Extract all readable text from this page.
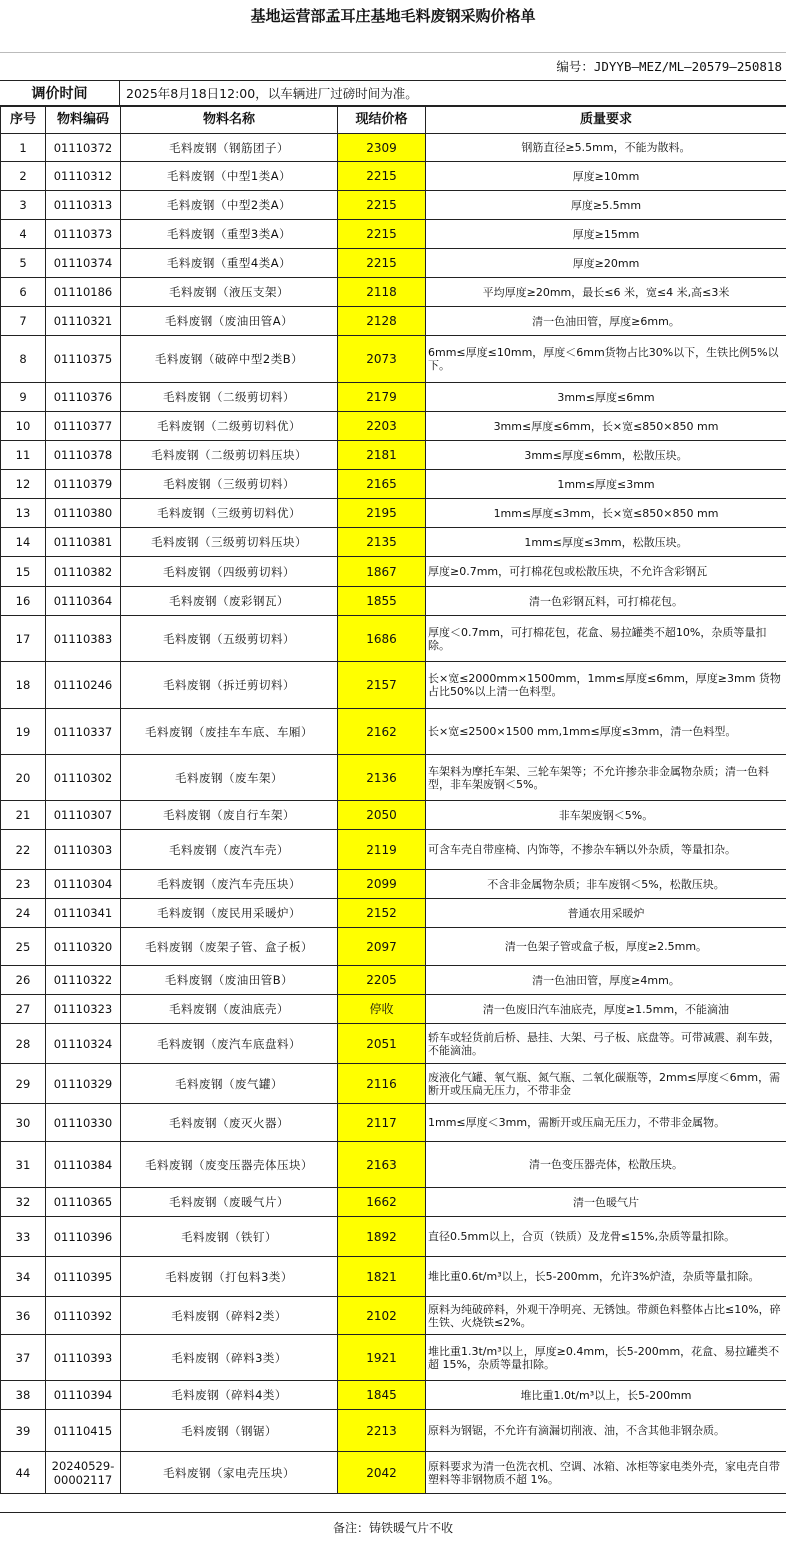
基地运营部孟耳庄基地毛料废钢采购价格单
编号：JDYYB—MEZ/ML—20579—250818
调价时间	2025年8月18日12:00，以车辆进厂过磅时间为准。
序号	物料编码	物料名称	现结价格	质量要求
1	01110372	毛料废钢（钢筋团子）	2309	钢筋直径≥5.5mm，不能为散料。
2	01110312	毛料废钢（中型1类A）	2215	厚度≥10mm
3	01110313	毛料废钢（中型2类A）	2215	厚度≥5.5mm
4	01110373	毛料废钢（重型3类A）	2215	厚度≥15mm
5	01110374	毛料废钢（重型4类A）	2215	厚度≥20mm
6	01110186	毛料废钢（液压支架）	2118	平均厚度≥20mm，最长≤6 米，宽≤4 米,高≤3米
7	01110321	毛料废钢（废油田管A）	2128	清一色油田管，厚度≥6mm。
8	01110375	毛料废钢（破碎中型2类B）	2073	6mm≤厚度≤10mm，厚度＜6mm货物占比30%以下，生铁比例5%以下。
9	01110376	毛料废钢（二级剪切料）	2179	3mm≤厚度≤6mm
10	01110377	毛料废钢（二级剪切料优）	2203	3mm≤厚度≤6mm，长×宽≤850×850 mm
11	01110378	毛料废钢（二级剪切料压块）	2181	3mm≤厚度≤6mm，松散压块。
12	01110379	毛料废钢（三级剪切料）	2165	1mm≤厚度≤3mm
13	01110380	毛料废钢（三级剪切料优）	2195	1mm≤厚度≤3mm，长×宽≤850×850 mm
14	01110381	毛料废钢（三级剪切料压块）	2135	1mm≤厚度≤3mm，松散压块。
15	01110382	毛料废钢（四级剪切料）	1867	厚度≥0.7mm，可打棉花包或松散压块，不允许含彩钢瓦
16	01110364	毛料废钢（废彩钢瓦）	1855	清一色彩钢瓦料，可打棉花包。
17	01110383	毛料废钢（五级剪切料）	1686	厚度＜0.7mm，可打棉花包，花盒、易拉罐类不超10%，杂质等量扣除。
18	01110246	毛料废钢（拆迁剪切料）	2157	长×宽≤2000mm×1500mm，1mm≤厚度≤6mm，厚度≥3mm 货物占比50%以上清一色料型。
19	01110337	毛料废钢（废挂车车底、车厢）	2162	长×宽≤2500×1500 mm,1mm≤厚度≤3mm，清一色料型。
20	01110302	毛料废钢（废车架）	2136	车架料为摩托车架、三轮车架等；不允许掺杂非金属物杂质；清一色料型，非车架废钢＜5%。
21	01110307	毛料废钢（废自行车架）	2050	非车架废钢＜5%。
22	01110303	毛料废钢（废汽车壳）	2119	可含车壳自带座椅、内饰等，不掺杂车辆以外杂质，等量扣杂。
23	01110304	毛料废钢（废汽车壳压块）	2099	不含非金属物杂质；非车废钢＜5%，松散压块。
24	01110341	毛料废钢（废民用采暖炉）	2152	普通农用采暖炉
25	01110320	毛料废钢（废架子管、盒子板）	2097	清一色架子管或盒子板，厚度≥2.5mm。
26	01110322	毛料废钢（废油田管B）	2205	清一色油田管，厚度≥4mm。
27	01110323	毛料废钢（废油底壳）	停收	清一色废旧汽车油底壳，厚度≥1.5mm，不能滴油
28	01110324	毛料废钢（废汽车底盘料）	2051	轿车或轻货前后桥、悬挂、大架、弓子板、底盘等。可带减震、刹车鼓，不能滴油。
29	01110329	毛料废钢（废气罐）	2116	废液化气罐、氧气瓶、氮气瓶、二氧化碳瓶等，2mm≤厚度＜6mm，需断开或压扁无压力，不带非金
30	01110330	毛料废钢（废灭火器）	2117	1mm≤厚度＜3mm，需断开或压扁无压力，不带非金属物。
31	01110384	毛料废钢（废变压器壳体压块）	2163	清一色变压器壳体，松散压块。
32	01110365	毛料废钢（废暖气片）	1662	清一色暖气片
33	01110396	毛料废钢（铁钉）	1892	直径0.5mm以上，合页（铁质）及龙骨≤15%,杂质等量扣除。
34	01110395	毛料废钢（打包料3类）	1821	堆比重0.6t/m³以上，长5-200mm，允许3%炉渣，杂质等量扣除。
36	01110392	毛料废钢（碎料2类）	2102	原料为纯破碎料，外观干净明亮、无锈蚀。带颜色料整体占比≤10%，碎生铁、火烧铁≤2%。
37	01110393	毛料废钢（碎料3类）	1921	堆比重1.3t/m³以上，厚度≥0.4mm，长5-200mm，花盒、易拉罐类不超 15%，杂质等量扣除。
38	01110394	毛料废钢（碎料4类）	1845	堆比重1.0t/m³以上，长5-200mm
39	01110415	毛料废钢（钢锯）	2213	原料为钢锯，不允许有滴漏切削液、油，不含其他非钢杂质。
44	20240529-00002117	毛料废钢（家电壳压块）	2042	原料要求为清一色洗衣机、空调、冰箱、冰柜等家电类外壳，家电壳自带塑料等非钢物质不超 1%。
备注：铸铁暖气片不收
